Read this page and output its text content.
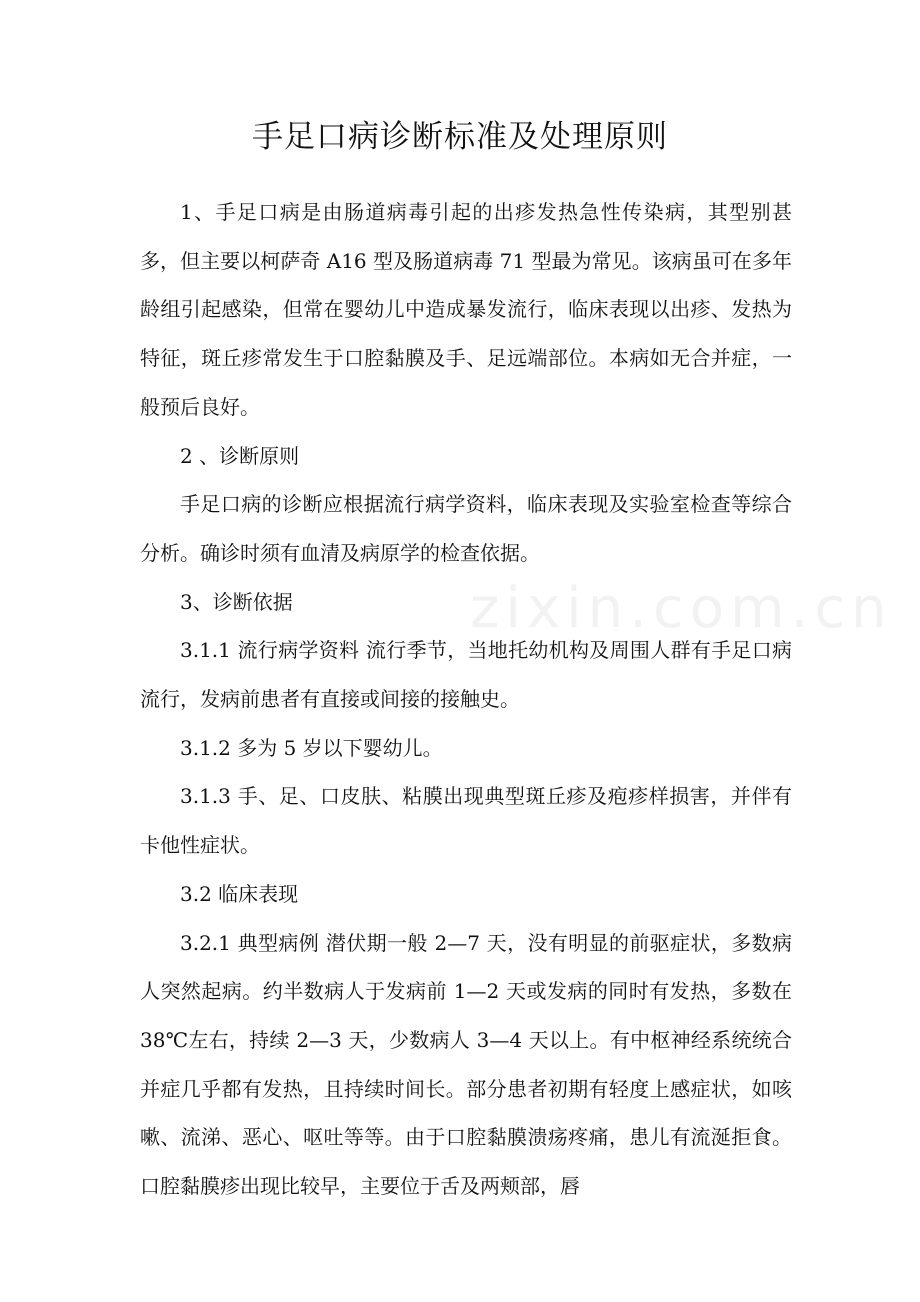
zixin.com.cn
手足口病诊断标准及处理原则

1、手足口病是由肠道病毒引起的出疹发热急性传染病，其型别甚多，但主要以柯萨奇 A16 型及肠道病毒 71 型最为常见。该病虽可在多年龄组引起感染，但常在婴幼儿中造成暴发流行，临床表现以出疹、发热为特征，斑丘疹常发生于口腔黏膜及手、足远端部位。本病如无合并症，一般预后良好。

2 、诊断原则

手足口病的诊断应根据流行病学资料，临床表现及实验室检查等综合分析。确诊时须有血清及病原学的检查依据。

3、诊断依据

3.1.1 流行病学资料 流行季节，当地托幼机构及周围人群有手足口病流行，发病前患者有直接或间接的接触史。

3.1.2 多为 5 岁以下婴幼儿。

3.1.3 手、足、口皮肤、粘膜出现典型斑丘疹及疱疹样损害，并伴有卡他性症状。

3.2 临床表现

3.2.1 典型病例 潜伏期一般 2—7 天，没有明显的前驱症状，多数病人突然起病。约半数病人于发病前 1—2 天或发病的同时有发热，多数在 38℃左右，持续 2—3 天，少数病人 3—4 天以上。有中枢神经系统统合并症几乎都有发热，且持续时间长。部分患者初期有轻度上感症状，如咳嗽、流涕、恶心、呕吐等等。由于口腔黏膜溃疡疼痛，患儿有流涎拒食。口腔黏膜疹出现比较早，主要位于舌及两颊部，唇
